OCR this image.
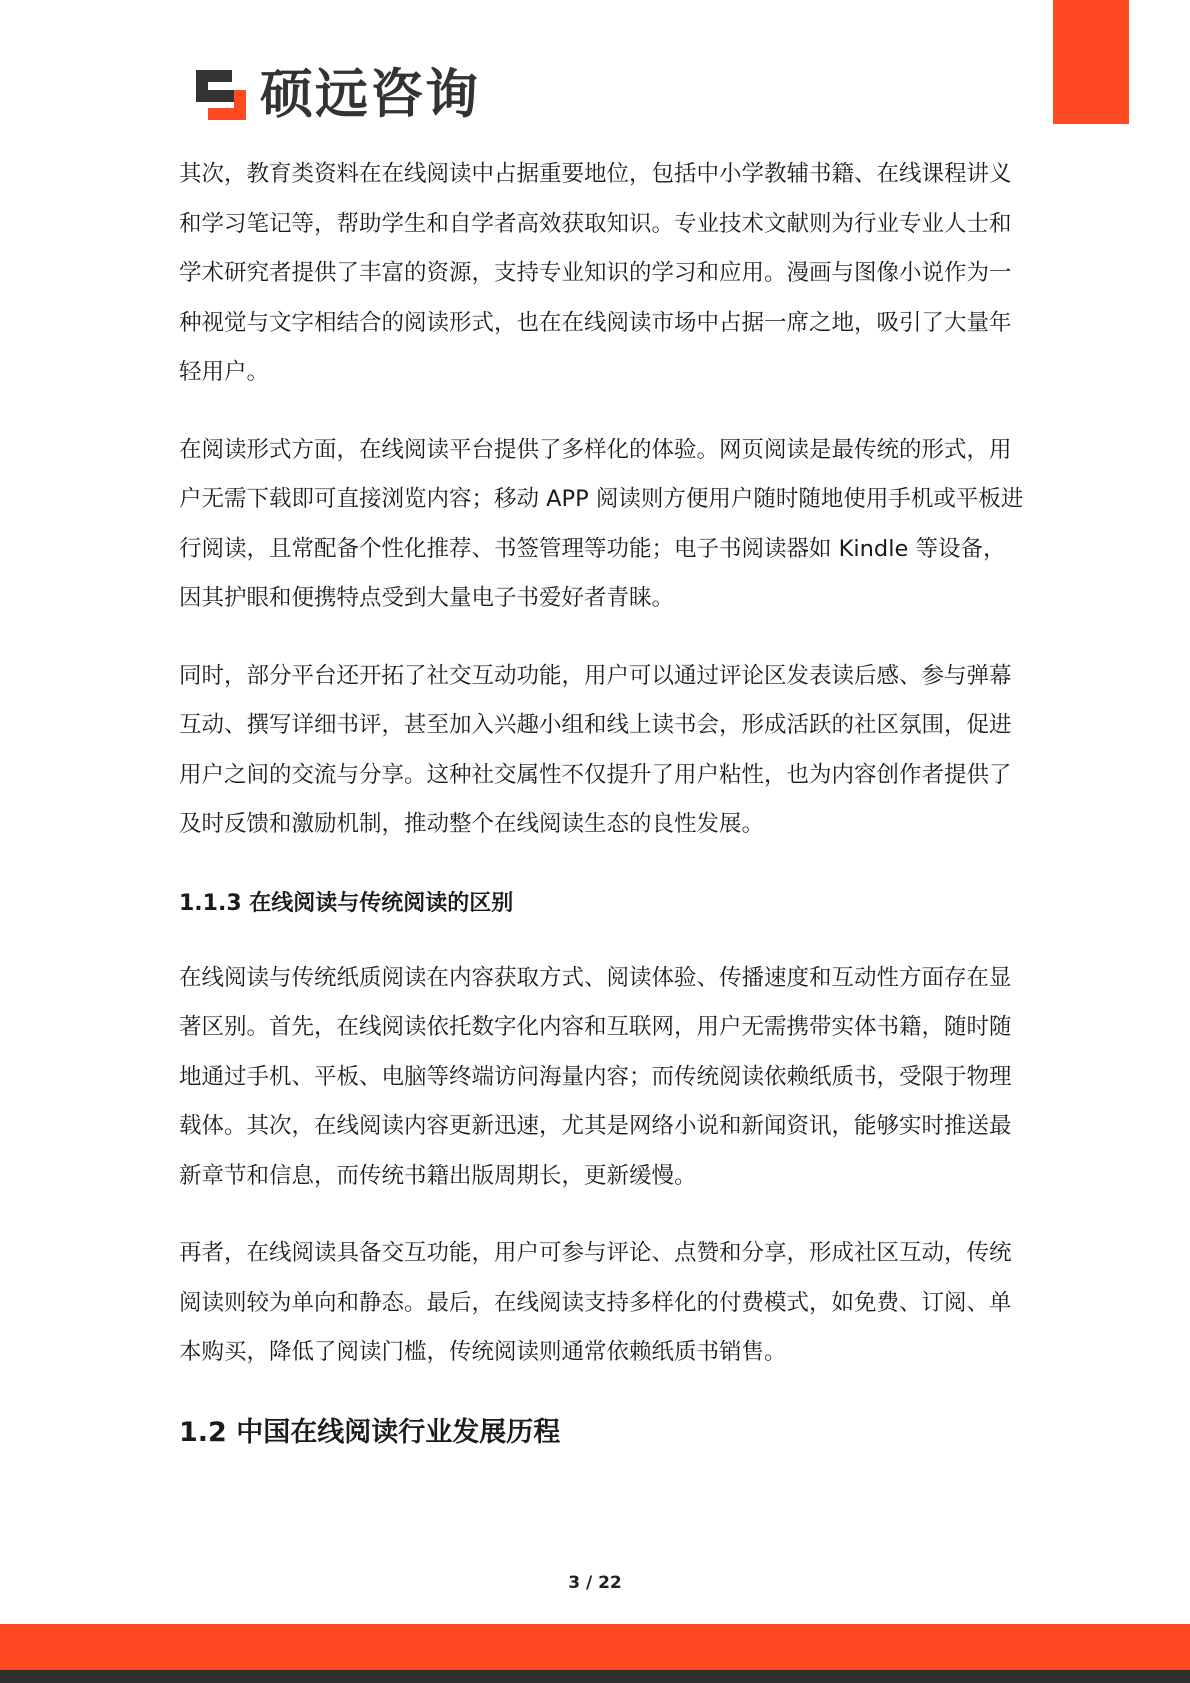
硕远咨询

其次，教育类资料在在线阅读中占据重要地位，包括中小学教辅书籍、在线课程讲义和学习笔记等，帮助学生和自学者高效获取知识。专业技术文献则为行业专业人士和学术研究者提供了丰富的资源，支持专业知识的学习和应用。漫画与图像小说作为一种视觉与文字相结合的阅读形式，也在在线阅读市场中占据一席之地，吸引了大量年轻用户。

在阅读形式方面，在线阅读平台提供了多样化的体验。网页阅读是最传统的形式，用户无需下载即可直接浏览内容；移动 APP 阅读则方便用户随时随地使用手机或平板进行阅读，且常配备个性化推荐、书签管理等功能；电子书阅读器如 Kindle 等设备，因其护眼和便携特点受到大量电子书爱好者青睐。

同时，部分平台还开拓了社交互动功能，用户可以通过评论区发表读后感、参与弹幕互动、撰写详细书评，甚至加入兴趣小组和线上读书会，形成活跃的社区氛围，促进用户之间的交流与分享。这种社交属性不仅提升了用户粘性，也为内容创作者提供了及时反馈和激励机制，推动整个在线阅读生态的良性发展。

1.1.3 在线阅读与传统阅读的区别

在线阅读与传统纸质阅读在内容获取方式、阅读体验、传播速度和互动性方面存在显著区别。首先，在线阅读依托数字化内容和互联网，用户无需携带实体书籍，随时随地通过手机、平板、电脑等终端访问海量内容；而传统阅读依赖纸质书，受限于物理载体。其次，在线阅读内容更新迅速，尤其是网络小说和新闻资讯，能够实时推送最新章节和信息，而传统书籍出版周期长，更新缓慢。

再者，在线阅读具备交互功能，用户可参与评论、点赞和分享，形成社区互动，传统阅读则较为单向和静态。最后，在线阅读支持多样化的付费模式，如免费、订阅、单本购买，降低了阅读门槛，传统阅读则通常依赖纸质书销售。

1.2 中国在线阅读行业发展历程
3 / 22
